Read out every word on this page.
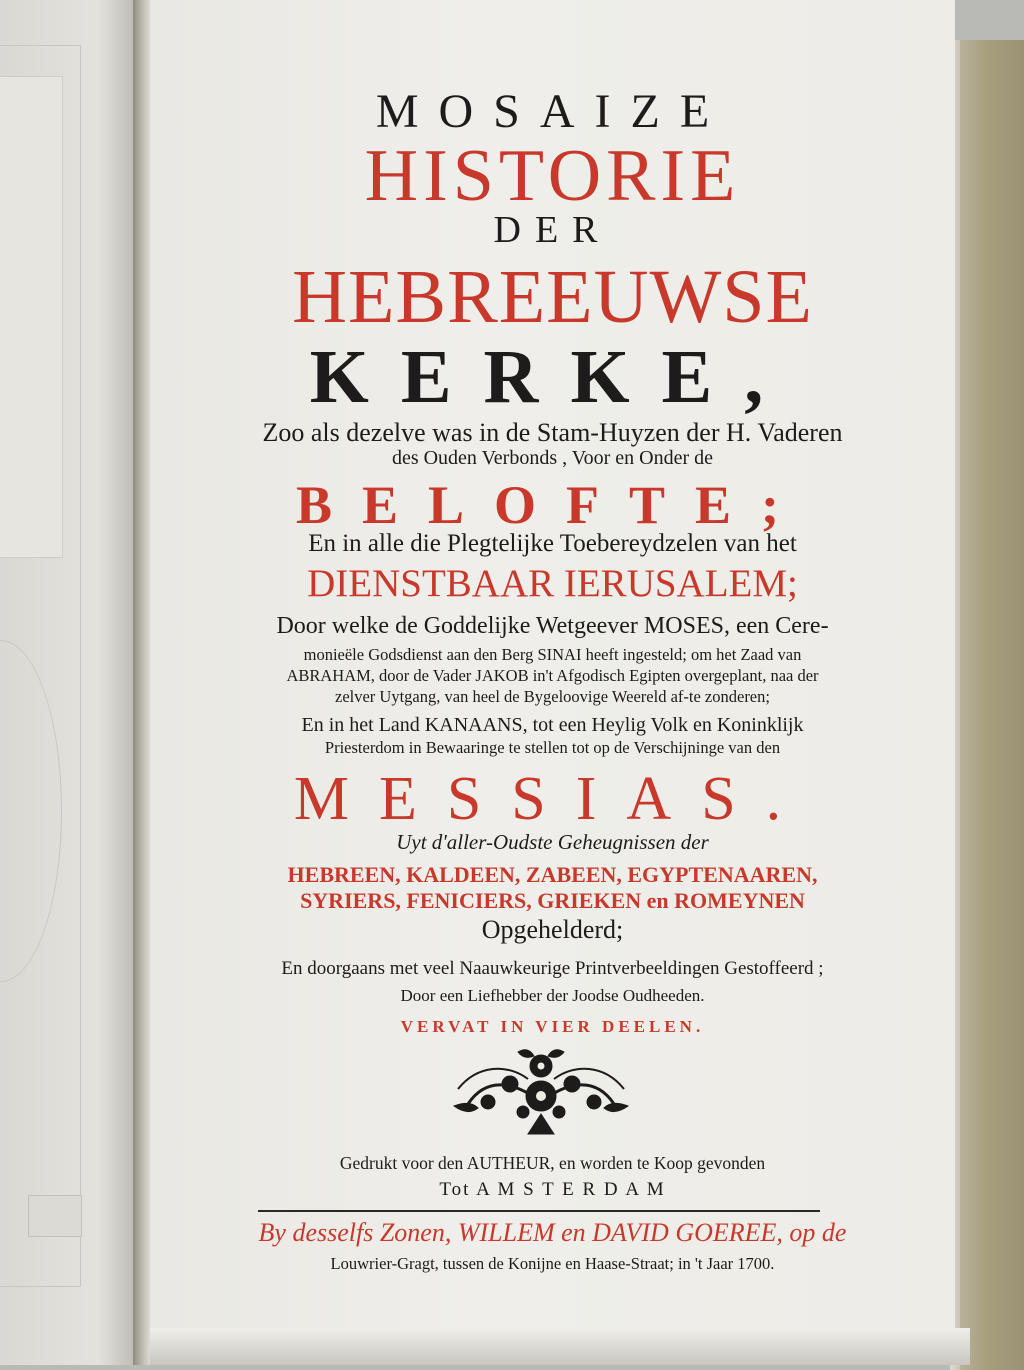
MOSAIZE
HISTORIE
DER
HEBREEUWSE
KERKE,
Zoo als dezelve was in de Stam-Huyzen der H. Vaderen
des Ouden Verbonds , Voor en Onder de
BELOFTE;
En in alle die Plegtelijke Toebereydzelen van het
DIENSTBAAR IERUSALEM;
Door welke de Goddelijke Wetgeever MOSES, een Cere-
monieële Godsdienst aan den Berg SINAI heeft ingesteld; om het Zaad van
ABRAHAM, door de Vader JAKOB in't Afgodisch Egipten overgeplant, naa der
zelver Uytgang, van heel de Bygeloovige Weereld af-te zonderen;
En in het Land KANAANS, tot een Heylig Volk en Koninklijk
Priesterdom in Bewaaringe te stellen tot op de Verschijninge van den
MESSIAS.
Uyt d'aller-Oudste Geheugnissen der
HEBREEN, KALDEEN, ZABEEN, EGYPTENAAREN,
SYRIERS, FENICIERS, GRIEKEN en ROMEYNEN
Opgehelderd;
En doorgaans met veel Naauwkeurige Printverbeeldingen Gestoffeerd ;
Door een Liefhebber der Joodse Oudheeden.
VERVAT IN VIER DEELEN.
Gedrukt voor den AUTHEUR, en worden te Koop gevonden
Tot A M S T E R D A M
By desselfs Zonen, WILLEM en DAVID GOEREE, op de
Louwrier-Gragt, tussen de Konijne en Haase-Straat; in 't Jaar 1700.
